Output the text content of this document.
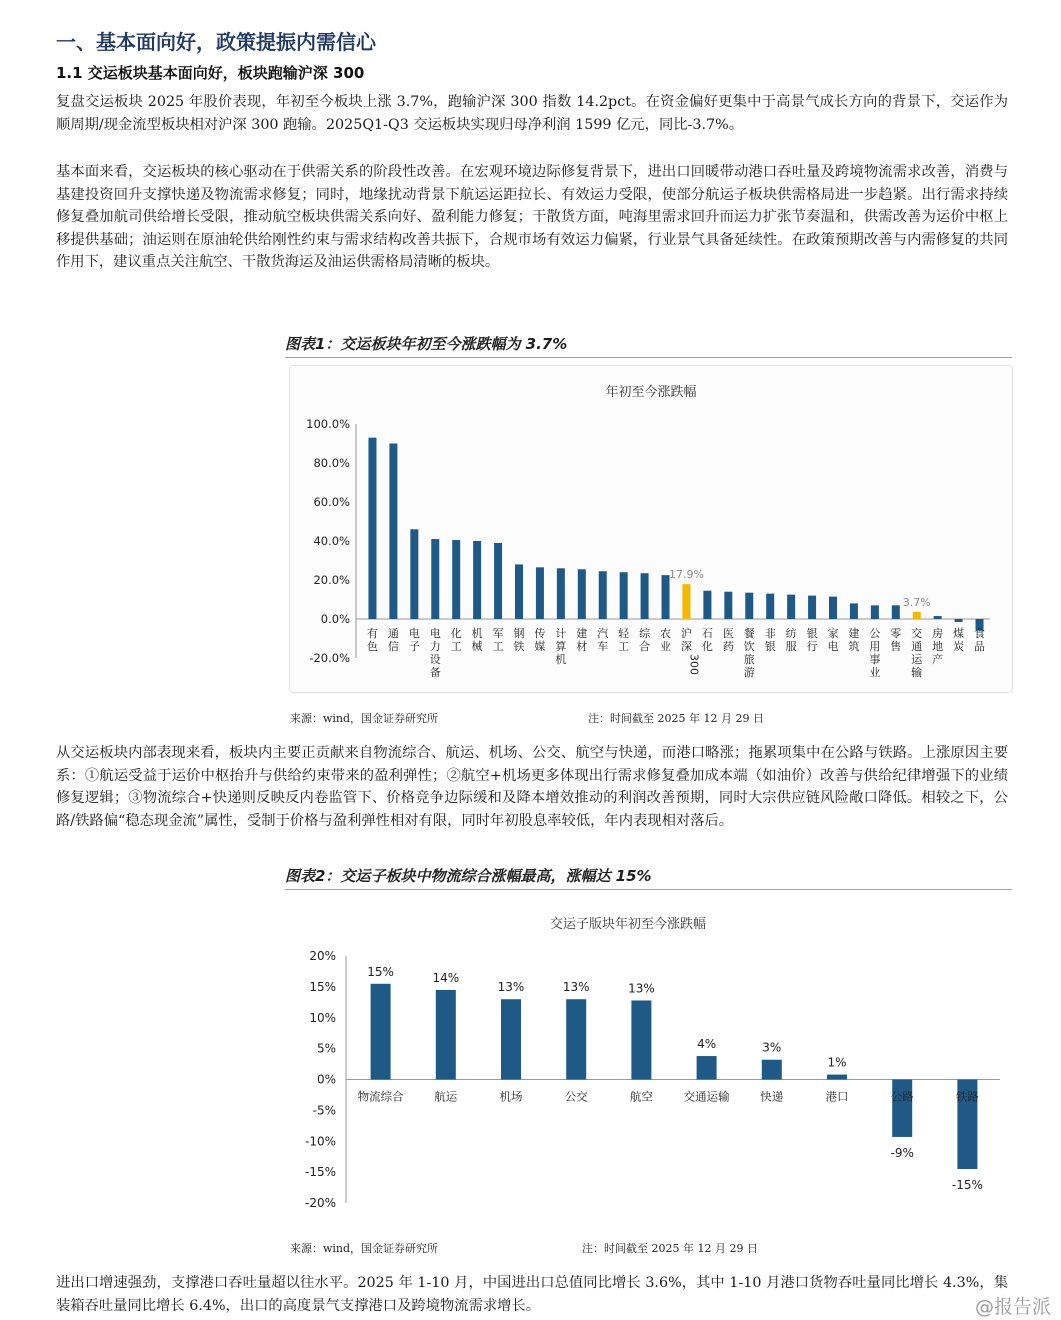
一、基本面向好，政策提振内需信心
1.1 交运板块基本面向好，板块跑输沪深 300
复盘交运板块 2025 年股价表现，年初至今板块上涨 3.7%，跑输沪深 300 指数 14.2pct。在资金偏好更集中于高景气成长方向的背景下，交运作为顺周期/现金流型板块相对沪深 300 跑输。2025Q1-Q3 交运板块实现归母净利润 1599 亿元，同比-3.7%。
基本面来看，交运板块的核心驱动在于供需关系的阶段性改善。在宏观环境边际修复背景下，进出口回暖带动港口吞吐量及跨境物流需求改善，消费与基建投资回升支撑快递及物流需求修复；同时，地缘扰动背景下航运运距拉长、有效运力受限，使部分航运子板块供需格局进一步趋紧。出行需求持续修复叠加航司供给增长受限，推动航空板块供需关系向好、盈利能力修复；干散货方面，吨海里需求回升而运力扩张节奏温和，供需改善为运价中枢上移提供基础；油运则在原油轮供给刚性约束与需求结构改善共振下，合规市场有效运力偏紧，行业景气具备延续性。在政策预期改善与内需修复的共同作用下，建议重点关注航空、干散货海运及油运供需格局清晰的板块。
图表1：交运板块年初至今涨跌幅为 3.7%
年初至今涨跌幅
100.0%
80.0%
60.0%
40.0%
20.0%
0.0%
-20.0%
有色
通信
电子
电力设备
化工
机械
军工
钢铁
传媒
计算机
建材
汽车
轻工
综合
农业
17.9%
沪深
300
石化
医药
餐饮旅游
非银
纺服
银行
家电
建筑
公用事业
零售
3.7%
交通运输
房地产
煤炭
食品
来源：wind，国金证券研究所	注：时间截至 2025 年 12 月 29 日
从交运板块内部表现来看，板块内主要正贡献来自物流综合、航运、机场、公交、航空与快递，而港口略涨；拖累项集中在公路与铁路。上涨原因主要系：①航运受益于运价中枢抬升与供给约束带来的盈利弹性；②航空+机场更多体现出行需求修复叠加成本端（如油价）改善与供给纪律增强下的业绩修复逻辑；③物流综合+快递则反映反内卷监管下、价格竞争边际缓和及降本增效推动的利润改善预期，同时大宗供应链风险敞口降低。相较之下，公路/铁路偏“稳态现金流”属性，受制于价格与盈利弹性相对有限，同时年初股息率较低，年内表现相对落后。
图表2：交运子板块中物流综合涨幅最高，涨幅达 15%
交运子版块年初至今涨跌幅
20%
15%
10%
5%
0%
-5%
-10%
-15%
-20%
15%
物流综合
14%
航运
13%
机场
13%
公交
13%
航空
4%
交通运输
3%
快递
1%
港口
-9%
公路
-15%
铁路
来源：wind，国金证券研究所	注：时间截至 2025 年 12 月 29 日
进出口增速强劲，支撑港口吞吐量超以往水平。2025 年 1-10 月，中国进出口总值同比增长 3.6%，其中 1-10 月港口货物吞吐量同比增长 4.3%，集装箱吞吐量同比增长 6.4%，出口的高度景气支撑港口及跨境物流需求增长。	@报告派
